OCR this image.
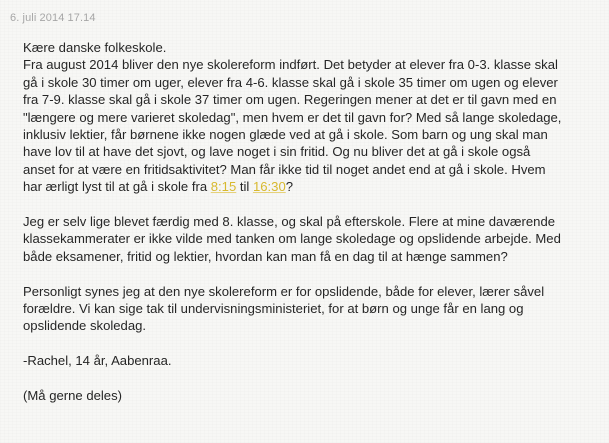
6. juli 2014 17.14

Kære danske folkeskole.

Fra august 2014 bliver den nye skolereform indført. Det betyder at elever fra 0-3. klasse skal
gå i skole 30 timer om uger, elever fra 4-6. klasse skal gå i skole 35 timer om ugen og elever
fra 7-9. klasse skal gå i skole 37 timer om ugen. Regeringen mener at det er til gavn med en
"længere og mere varieret skoledag", men hvem er det til gavn for? Med så lange skoledage,
inklusiv lektier, får børnene ikke nogen glæde ved at gå i skole. Som barn og ung skal man
have lov til at have det sjovt, og lave noget i sin fritid. Og nu bliver det at gå i skole også
anset for at være en fritidsaktivitet? Man får ikke tid til noget andet end at gå i skole. Hvem
har ærligt lyst til at gå i skole fra 8:15 til 16:30?

Jeg er selv lige blevet færdig med 8. klasse, og skal på efterskole. Flere at mine daværende
klassekammerater er ikke vilde med tanken om lange skoledage og opslidende arbejde. Med
både eksamener, fritid og lektier, hvordan kan man få en dag til at hænge sammen?

Personligt synes jeg at den nye skolereform er for opslidende, både for elever, lærer såvel
forældre. Vi kan sige tak til undervisningsministeriet, for at børn og unge får en lang og
opslidende skoledag.

-Rachel, 14 år, Aabenraa.

(Må gerne deles)
